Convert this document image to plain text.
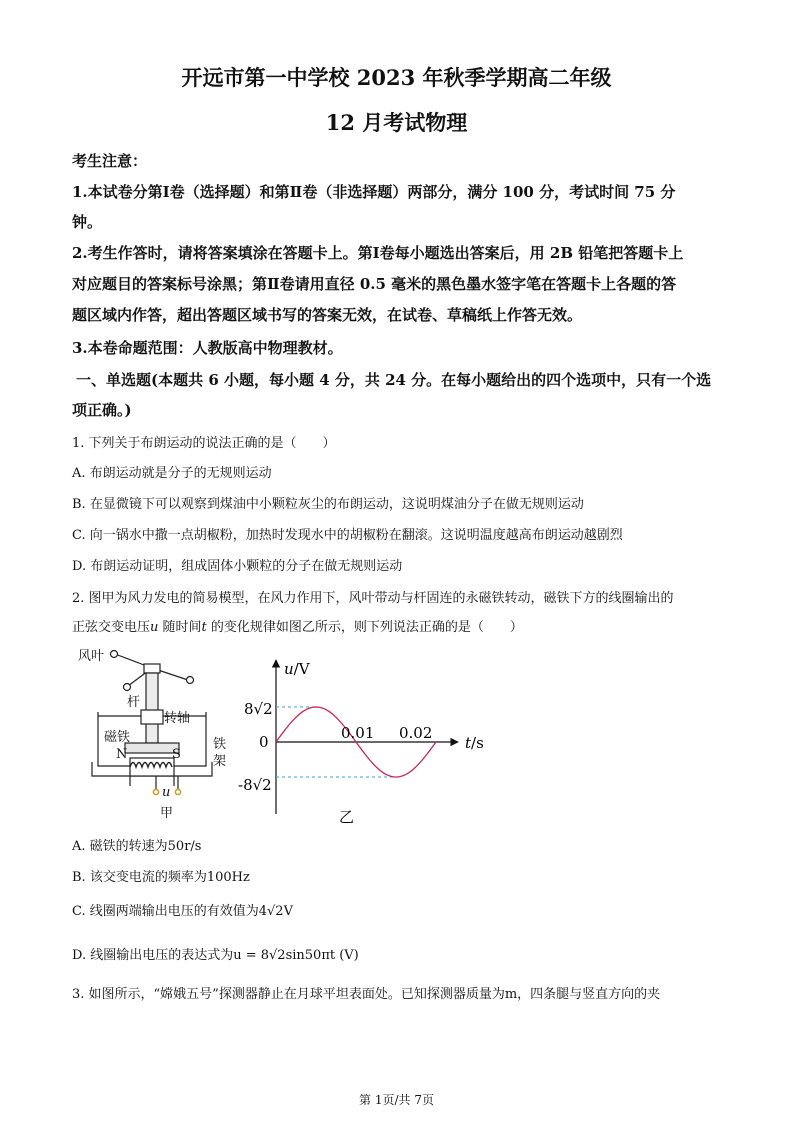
开远市第一中学校 2023 年秋季学期高二年级
12 月考试物理
考生注意：
1.本试卷分第Ⅰ卷（选择题）和第Ⅱ卷（非选择题）两部分，满分 100 分，考试时间 75 分
钟。
2.考生作答时，请将答案填涂在答题卡上。第Ⅰ卷每小题选出答案后，用 2B 铅笔把答题卡上
对应题目的答案标号涂黑；第Ⅱ卷请用直径 0.5 毫米的黑色墨水签字笔在答题卡上各题的答
题区域内作答，超出答题区域书写的答案无效，在试卷、草稿纸上作答无效。
3.本卷命题范围：人教版高中物理教材。
一、单选题(本题共 6 小题，每小题 4 分，共 24 分。在每小题给出的四个选项中，只有一个选
项正确。)
1. 下列关于布朗运动的说法正确的是（　　）
A. 布朗运动就是分子的无规则运动
B. 在显微镜下可以观察到煤油中小颗粒灰尘的布朗运动，这说明煤油分子在做无规则运动
C. 向一锅水中撒一点胡椒粉，加热时发现水中的胡椒粉在翻滚。这说明温度越高布朗运动越剧烈
D. 布朗运动证明，组成固体小颗粒的分子在做无规则运动
2. 图甲为风力发电的简易模型，在风力作用下，风叶带动与杆固连的永磁铁转动，磁铁下方的线圈输出的
正弦交变电压u 随时间t 的变化规律如图乙所示，则下列说法正确的是（　　）
风叶
杆
转轴
磁铁
N	S
铁
架
u
甲
u/V
t/s
8√2
0
-8√2
0.01 0.02
乙
A. 磁铁的转速为50r/s
B. 该交变电流的频率为100Hz
C. 线圈两端输出电压的有效值为4√2V
D. 线圈输出电压的表达式为u = 8√2sin50πt (V)
3. 如图所示，“嫦娥五号”探测器静止在月球平坦表面处。已知探测器质量为m，四条腿与竖直方向的夹
第 1页/共 7页
